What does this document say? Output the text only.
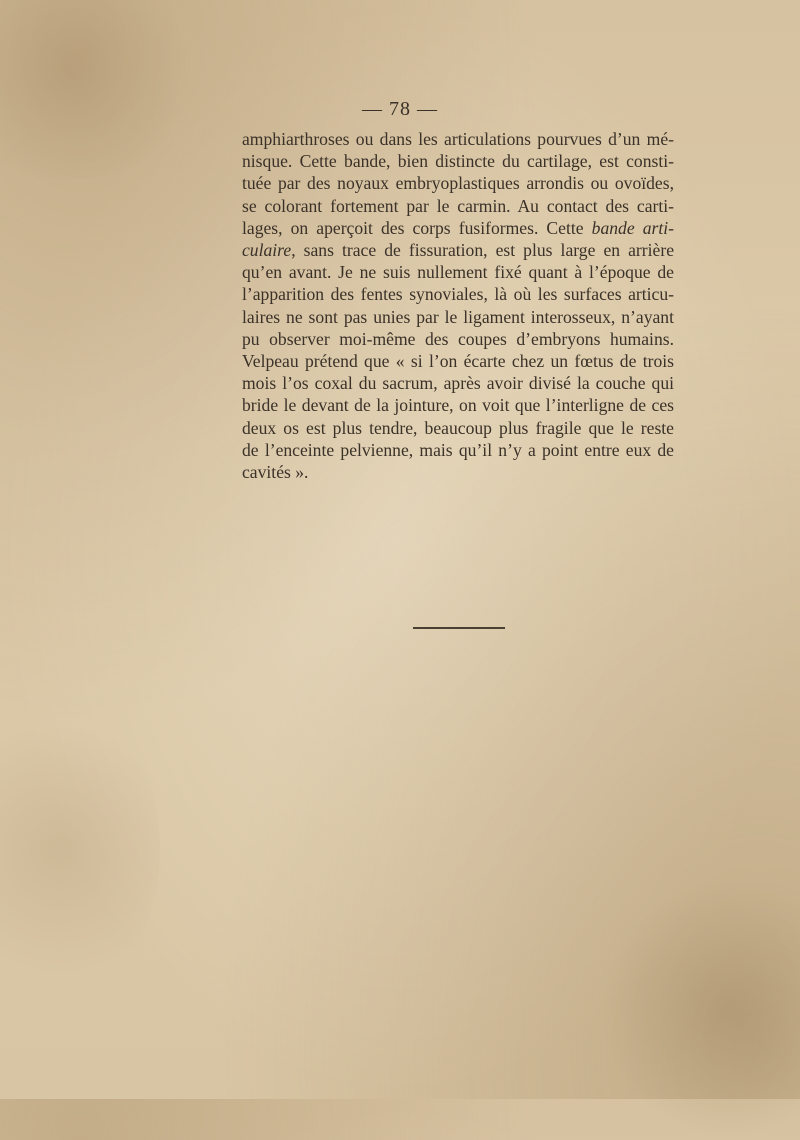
— 78 —
amphiarthroses ou dans les articulations pourvues d’un mé-
nisque. Cette bande, bien distincte du cartilage, est consti-
tuée par des noyaux embryoplastiques arrondis ou ovoïdes,
se colorant fortement par le carmin. Au contact des carti-
lages, on aperçoit des corps fusiformes. Cette bande arti-
culaire, sans trace de fissuration, est plus large en arrière
qu’en avant. Je ne suis nullement fixé quant à l’époque de
l’apparition des fentes synoviales, là où les surfaces articu-
laires ne sont pas unies par le ligament interosseux, n’ayant
pu observer moi-même des coupes d’embryons humains.
Velpeau prétend que « si l’on écarte chez un fœtus de trois
mois l’os coxal du sacrum, après avoir divisé la couche qui
bride le devant de la jointure, on voit que l’interligne de ces
deux os est plus tendre, beaucoup plus fragile que le reste
de l’enceinte pelvienne, mais qu’il n’y a point entre eux de
cavités ».
